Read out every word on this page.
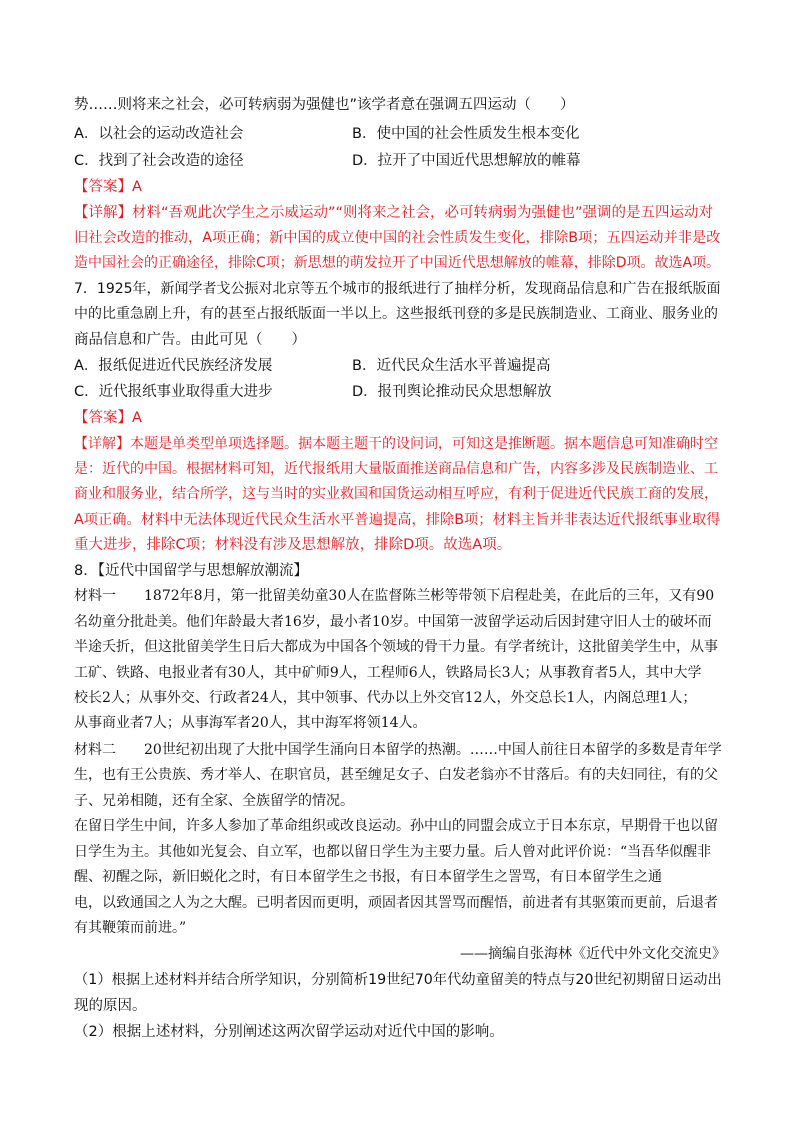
势……则将来之社会，必可转病弱为强健也”该学者意在强调五四运动（　　）
A．以社会的运动改造社会	B．使中国的社会性质发生根本变化
C．找到了社会改造的途径	D．拉开了中国近代思想解放的帷幕
【答案】A
【详解】材料“吾观此次学生之示威运动”“则将来之社会，必可转病弱为强健也”强调的是五四运动对
旧社会改造的推动，A项正确；新中国的成立使中国的社会性质发生变化，排除B项；五四运动并非是改
造中国社会的正确途径，排除C项；新思想的萌发拉开了中国近代思想解放的帷幕，排除D项。故选A项。
7．1925年，新闻学者戈公振对北京等五个城市的报纸进行了抽样分析，发现商品信息和广告在报纸版面
中的比重急剧上升，有的甚至占报纸版面一半以上。这些报纸刊登的多是民族制造业、工商业、服务业的
商品信息和广告。由此可见（　　）
A．报纸促进近代民族经济发展	B．近代民众生活水平普遍提高
C．近代报纸事业取得重大进步	D．报刊舆论推动民众思想解放
【答案】A
【详解】本题是单类型单项选择题。据本题主题干的设问词，可知这是推断题。据本题信息可知准确时空
是：近代的中国。根据材料可知，近代报纸用大量版面推送商品信息和广告，内容多涉及民族制造业、工
商业和服务业，结合所学，这与当时的实业救国和国货运动相互呼应，有利于促进近代民族工商的发展，
A项正确。材料中无法体现近代民众生活水平普遍提高，排除B项；材料主旨并非表达近代报纸事业取得
重大进步，排除C项；材料没有涉及思想解放，排除D项。故选A项。
8．【近代中国留学与思想解放潮流】
材料一　　1872年8月，第一批留美幼童30人在监督陈兰彬等带领下启程赴美，在此后的三年，又有90
名幼童分批赴美。他们年龄最大者16岁，最小者10岁。中国第一波留学运动后因封建守旧人士的破坏而
半途夭折，但这批留美学生日后大都成为中国各个领域的骨干力量。有学者统计，这批留美学生中，从事
工矿、铁路、电报业者有30人，其中矿师9人，工程师6人，铁路局长3人；从事教育者5人，其中大学
校长2人；从事外交、行政者24人，其中领事、代办以上外交官12人，外交总长1人，内阁总理1人；
从事商业者7人；从事海军者20人，其中海军将领14人。
材料二　　20世纪初出现了大批中国学生涌向日本留学的热潮。……中国人前往日本留学的多数是青年学
生，也有王公贵族、秀才举人、在职官员，甚至缠足女子、白发老翁亦不甘落后。有的夫妇同往，有的父
子、兄弟相随，还有全家、全族留学的情况。
在留日学生中间，许多人参加了革命组织或改良运动。孙中山的同盟会成立于日本东京，早期骨干也以留
日学生为主。其他如光复会、自立军，也都以留日学生为主要力量。后人曾对此评价说：“当吾华似醒非
醒、初醒之际，新旧蜕化之时，有日本留学生之书报，有日本留学生之詈骂，有日本留学生之通
电，以致通国之人为之大醒。已明者因而更明，顽固者因其詈骂而醒悟，前进者有其驱策而更前，后退者
有其鞭策而前进。”
——摘编自张海林《近代中外文化交流史》
（1）根据上述材料并结合所学知识，分别简析19世纪70年代幼童留美的特点与20世纪初期留日运动出
现的原因。
（2）根据上述材料，分别阐述这两次留学运动对近代中国的影响。
